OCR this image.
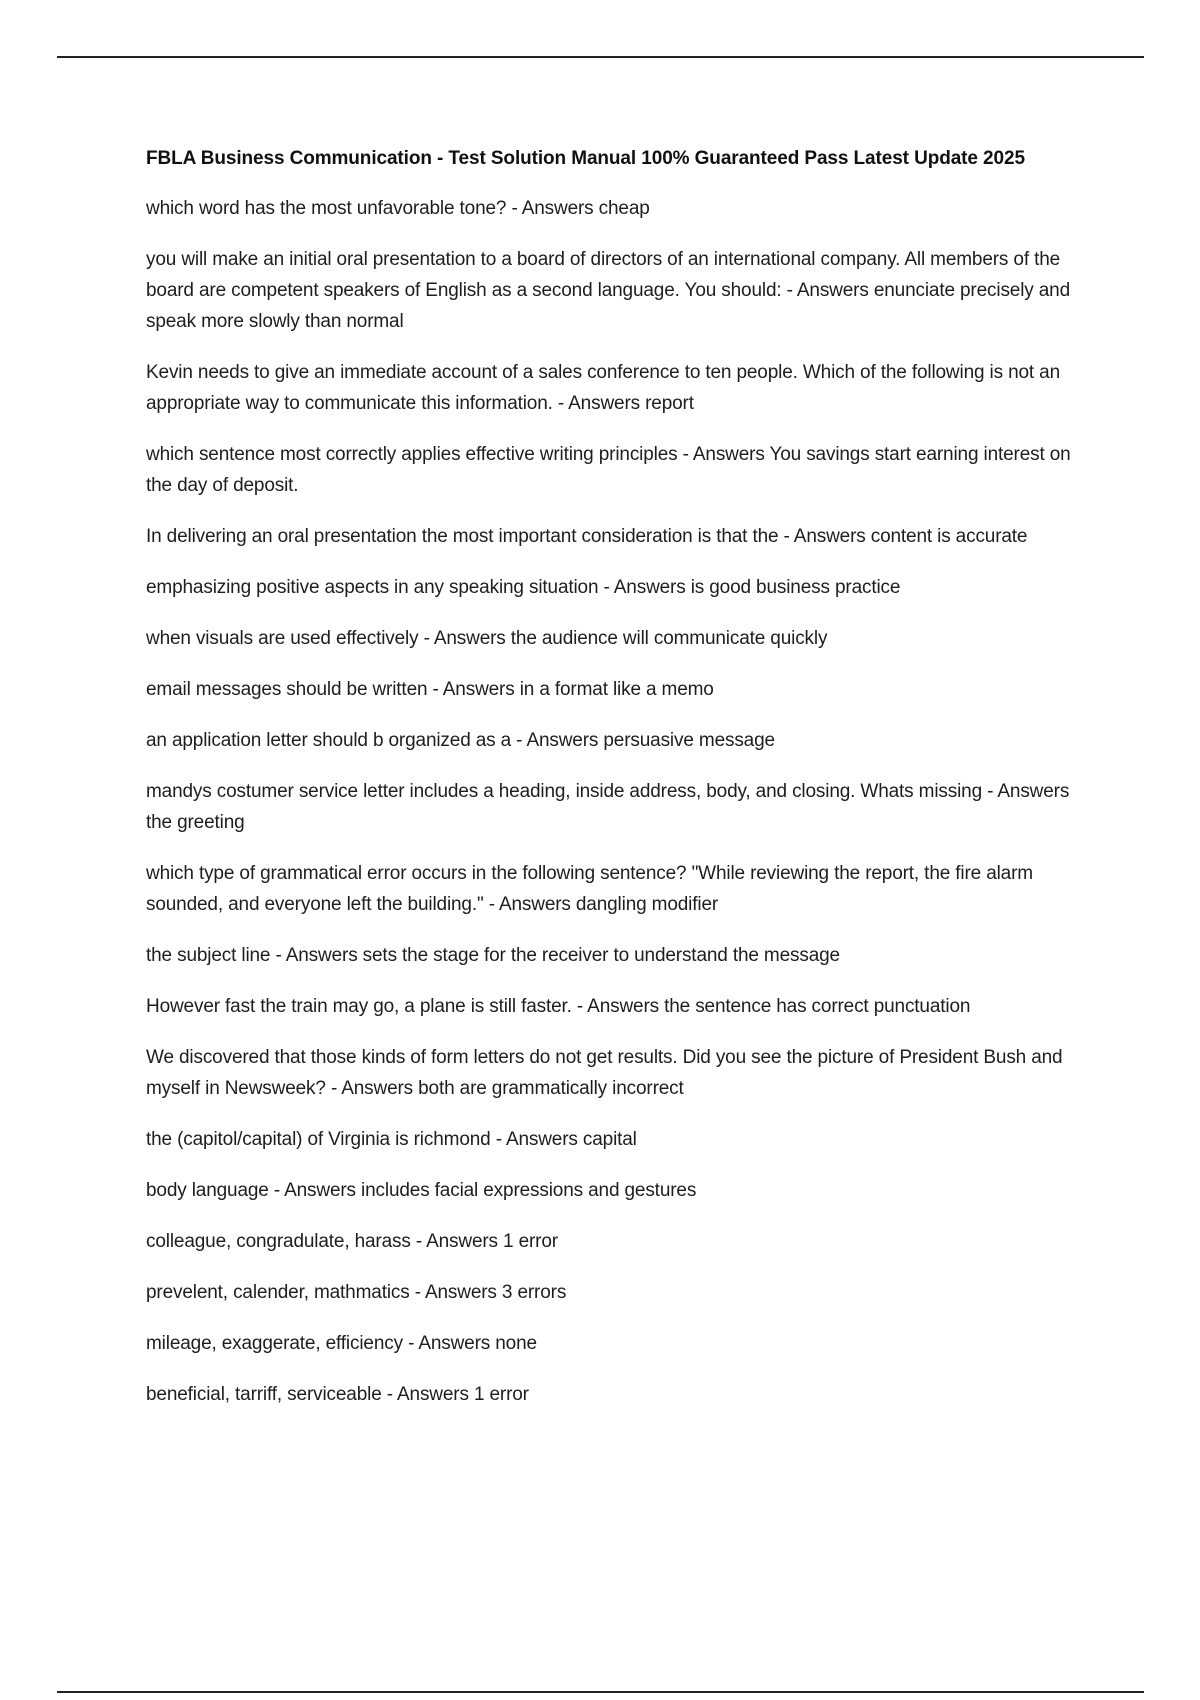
FBLA Business Communication - Test Solution Manual 100% Guaranteed Pass Latest Update 2025

which word has the most unfavorable tone? - Answers cheap

you will make an initial oral presentation to a board of directors of an international company. All members of the board are competent speakers of English as a second language. You should: - Answers enunciate precisely and speak more slowly than normal

Kevin needs to give an immediate account of a sales conference to ten people. Which of the following is not an appropriate way to communicate this information. - Answers report

which sentence most correctly applies effective writing principles - Answers You savings start earning interest on the day of deposit.

In delivering an oral presentation the most important consideration is that the - Answers content is accurate

emphasizing positive aspects in any speaking situation - Answers is good business practice

when visuals are used effectively - Answers the audience will communicate quickly

email messages should be written - Answers in a format like a memo

an application letter should b organized as a - Answers persuasive message

mandys costumer service letter includes a heading, inside address, body, and closing. Whats missing - Answers the greeting

which type of grammatical error occurs in the following sentence? "While reviewing the report, the fire alarm sounded, and everyone left the building." - Answers dangling modifier

the subject line - Answers sets the stage for the receiver to understand the message

However fast the train may go, a plane is still faster. - Answers the sentence has correct punctuation

We discovered that those kinds of form letters do not get results. Did you see the picture of President Bush and myself in Newsweek? - Answers both are grammatically incorrect

the (capitol/capital) of Virginia is richmond - Answers capital

body language - Answers includes facial expressions and gestures

colleague, congradulate, harass - Answers 1 error

prevelent, calender, mathmatics - Answers 3 errors

mileage, exaggerate, efficiency - Answers none

beneficial, tarriff, serviceable - Answers 1 error
